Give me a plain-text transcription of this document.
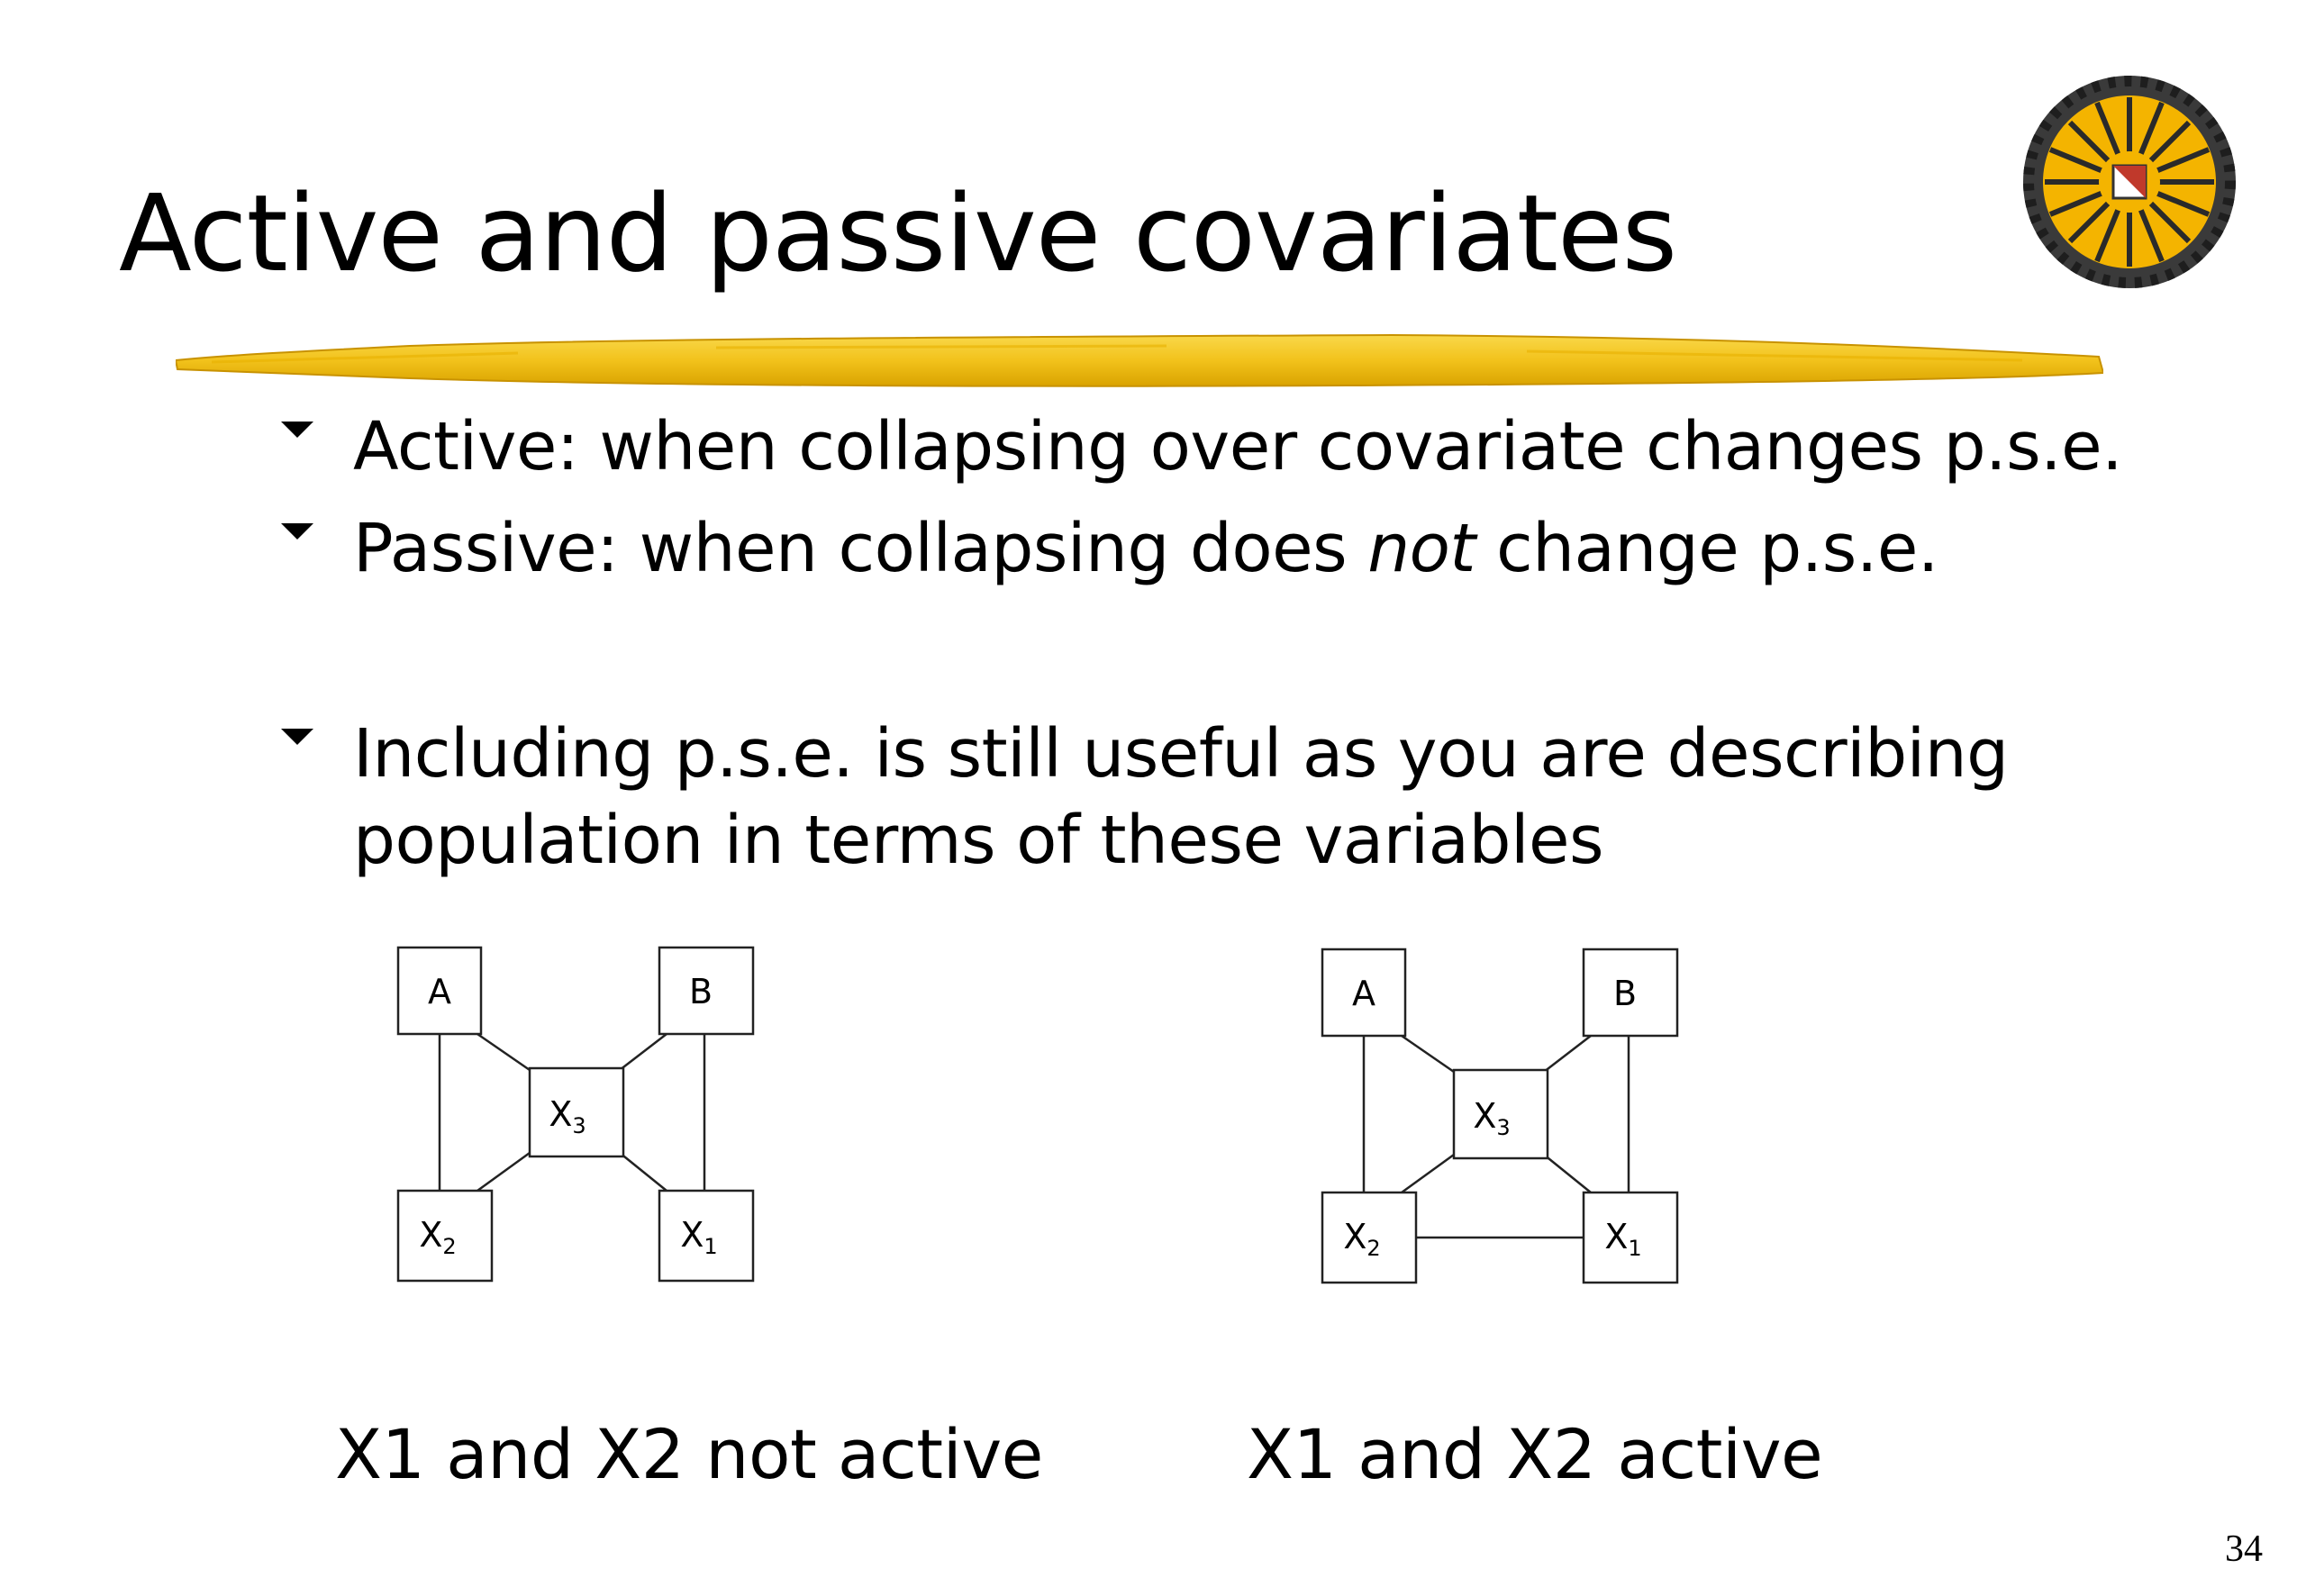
Active and passive covariates
Active: when collapsing over covariate changes p.s.e.
Passive: when collapsing does not change p.s.e.
Including p.s.e. is still useful as you are describing
population in terms of these variables
A	B
$X_3$
$X_2$	$X_1$
A	B
$X_3$
$X_2$	$X_1$
X1 and X2 not active	X1 and X2 active
34
